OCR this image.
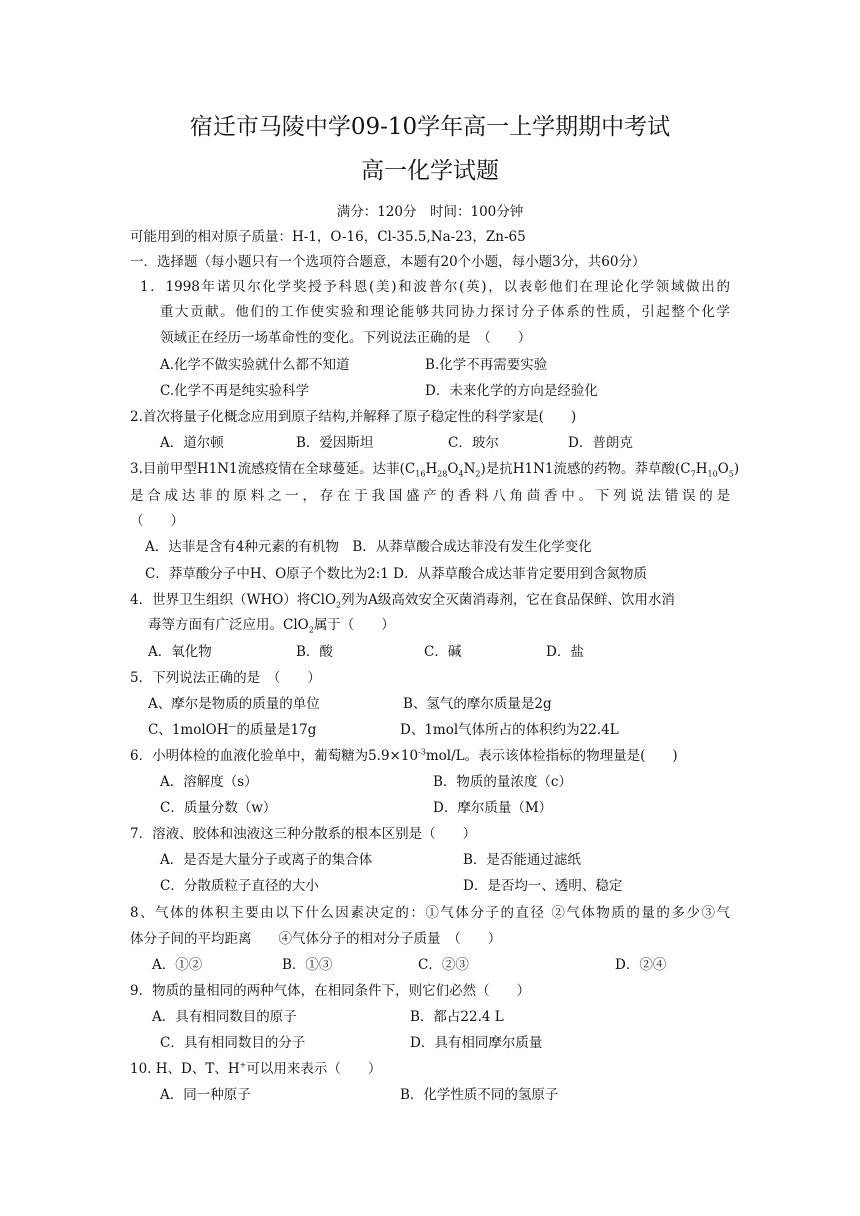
宿迁市马陵中学09-10学年高一上学期期中考试
高一化学试题
满分：120分　时间：100分钟
可能用到的相对原子质量：H-1，O-16，Cl-35.5,Na-23，Zn-65
一．选择题（每小题只有一个选项符合题意，本题有20个小题，每小题3分，共60分）
1．1998年诺贝尔化学奖授予科恩(美)和波普尔(英)，以表彰他们在理论化学领域做出的
重大贡献。他们的工作使实验和理论能够共同协力探讨分子体系的性质，引起整个化学
领域正在经历一场革命性的变化。下列说法正确的是　（　　）
A.化学不做实验就什么都不知道	B.化学不再需要实验
C.化学不再是纯实验科学	D．未来化学的方向是经验化
2.首次将量子化概念应用到原子结构,并解释了原子稳定性的科学家是(　　)
A．道尔顿	B．爱因斯坦	C．玻尔	D．普朗克
3.目前甲型H1N1流感疫情在全球蔓延。达菲$(C_{16}H_{28}O_4N_2)$是抗H1N1流感的药物。莽草酸$(C_7H_{10}O_5)$
是合成达菲的原料之一，存在于我国盛产的香料八角茴香中。下列说法错误的是
（　　）
A．达菲是含有4种元素的有机物　B．从莽草酸合成达菲没有发生化学变化
C．莽草酸分子中H、O原子个数比为2:1 D．从莽草酸合成达菲肯定要用到含氮物质
4．世界卫生组织（WHO）将ClO$_2$列为A级高效安全灭菌消毒剂，它在食品保鲜、饮用水消
毒等方面有广泛应用。ClO$_2$属于（　　）
A．氧化物	B．酸	C．碱	D．盐
5．下列说法正确的是　（　　）
A、摩尔是物质的质量的单位	B、氢气的摩尔质量是2g
C、1molOH—的质量是17g	D、1mol气体所占的体积约为22.4L
6．小明体检的血液化验单中，葡萄糖为$5.9\times 10^{-3}mol/L$。表示该体检指标的物理量是(　　)
A．溶解度（s）	B．物质的量浓度（c）
C．质量分数（w）	D．摩尔质量（M）
7．溶液、胶体和浊液这三种分散系的根本区别是（　　）
A．是否是大量分子或离子的集合体	B．是否能通过滤纸
C．分散质粒子直径的大小	D．是否均一、透明、稳定
8、气体的体积主要由以下什么因素决定的：①气体分子的直径 ②气体物质的量的多少③气
体分子间的平均距离　　④气体分子的相对分子质量　（　　）
A．①②	B．①③	C．②③	D．②④
9．物质的量相同的两种气体，在相同条件下，则它们必然（　　）
A．具有相同数目的原子	B．都占22.4 L
C．具有相同数目的分子	D．具有相同摩尔质量
10. H、D、T、H+可以用来表示（　　）
A．同一种原子	B．化学性质不同的氢原子
